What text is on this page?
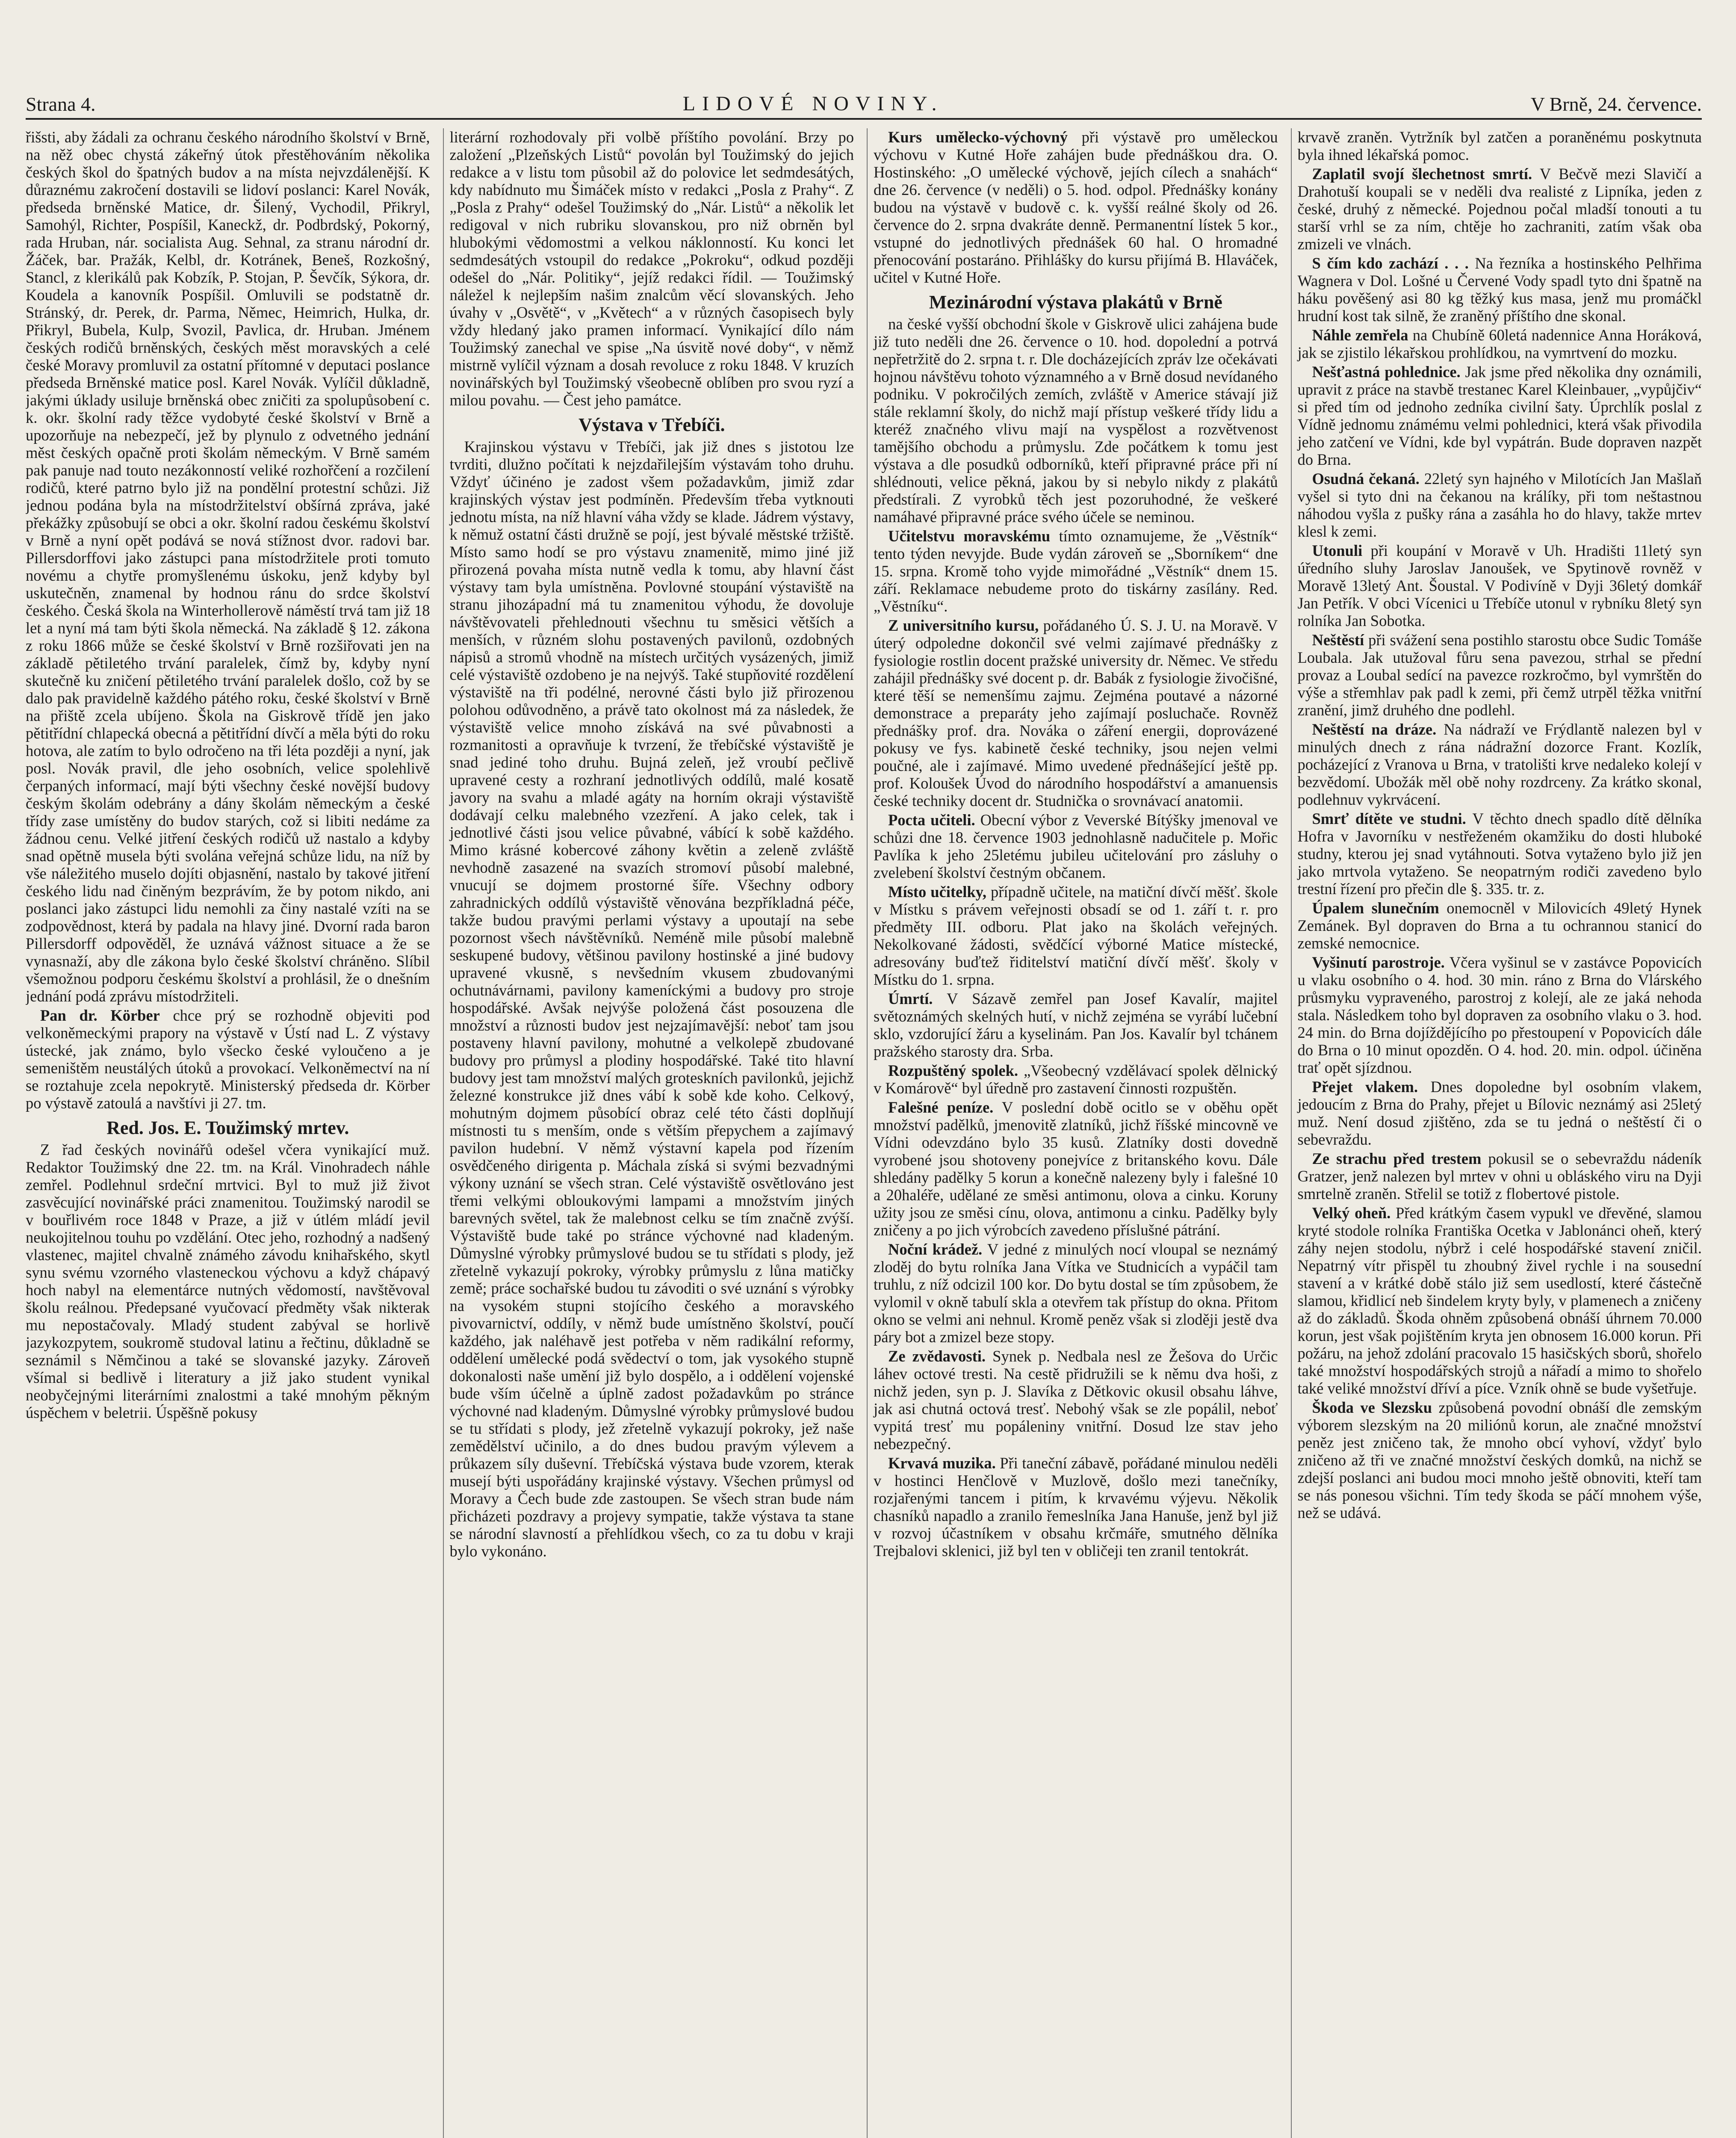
Strana 4.	LIDOVÉ NOVINY.	V Brně, 24. července.

řišsti, aby žádali za ochranu českého národního školství v Brně, na něž obec chystá zákeřný útok přestěhováním několika českých škol do špatných budov a na místa nejvzdálenější. K důraznému zakročení dostavili se lidoví poslanci: Karel Novák, předseda brněnské Matice, dr. Šilený, Vychodil, Přikryl, Samohýl, Richter, Pospíšil, Kaneckž, dr. Podbrdský, Pokorný, rada Hruban, nár. socialista Aug. Sehnal, za stranu národní dr. Žáček, bar. Pražák, Kelbl, dr. Kotránek, Beneš, Rozkošný, Stancl, z klerikálů pak Kobzík, P. Stojan, P. Ševčík, Sýkora, dr. Koudela a kanovník Pospíšil. Omluvili se podstatně dr. Stránský, dr. Perek, dr. Parma, Němec, Heimrich, Hulka, dr. Přikryl, Bubela, Kulp, Svozil, Pavlica, dr. Hruban. Jménem českých rodičů brněnských, českých měst moravských a celé české Moravy promluvil za ostatní přítomné v deputaci poslance předseda Brněnské matice posl. Karel Novák. Vylíčil důkladně, jakými úklady usiluje brněnská obec zničiti za spolupůsobení c. k. okr. školní rady těžce vydobyté české školství v Brně a upozorňuje na nebezpečí, jež by plynulo z odvetného jednání měst českých opačně proti školám německým. V Brně samém pak panuje nad touto nezákonností veliké rozhořčení a rozčilení rodičů, které patrno bylo již na pondělní protestní schůzi. Již jednou podána byla na místodržitelství obšírná zpráva, jaké překážky způsobují se obci a okr. školní radou českému školství v Brně a nyní opět podává se nová stížnost dvor. radovi bar. Pillersdorffovi jako zástupci pana místodržitele proti tomuto novému a chytře promyšlenému úskoku, jenž kdyby byl uskutečněn, znamenal by hodnou ránu do srdce školství českého. Česká škola na Winterhollerově náměstí trvá tam již 18 let a nyní má tam býti škola německá. Na základě § 12. zákona z roku 1866 může se české školství v Brně rozšiřovati jen na základě pětiletého trvání paralelek, čímž by, kdyby nyní skutečně ku zničení pětiletého trvání paralelek došlo, což by se dalo pak pravidelně každého pátého roku, české školství v Brně na přiště zcela ubíjeno. Škola na Giskrově třídě jen jako pětitřídní chlapecká obecná a pětitřídní dívčí a měla býti do roku hotova, ale zatím to bylo odročeno na tři léta později a nyní, jak posl. Novák pravil, dle jeho osobních, velice spolehlivě čerpaných informací, mají býti všechny české novější budovy českým školám odebrány a dány školám německým a české třídy zase umístěny do budov starých, což si libiti nedáme za žádnou cenu. Velké jitření českých rodičů už nastalo a kdyby snad opětně musela býti svolána veřejná schůze lidu, na níž by vše náležitého muselo dojíti objasnění, nastalo by takové jitření českého lidu nad činěným bezprávím, že by potom nikdo, ani poslanci jako zástupci lidu nemohli za činy nastalé vzíti na se zodpovědnost, která by padala na hlavy jiné. Dvorní rada baron Pillersdorff odpověděl, že uznává vážnost situace a že se vynasnaží, aby dle zákona bylo české školství chráněno. Slíbil všemožnou podporu českému školství a prohlásil, že o dnešním jednání podá zprávu místodržiteli.

Pan dr. Körber chce prý se rozhodně objeviti pod velkoněmeckými prapory na výstavě v Ústí nad L. Z výstavy ústecké, jak známo, bylo všecko české vyloučeno a je semeništěm neustálých útoků a provokací. Velkoněmectví na ní se roztahuje zcela nepokrytě. Ministerský předseda dr. Körber po výstavě zatoulá a navštívi ji 27. tm.

Red. Jos. E. Toužimský mrtev.

Z řad českých novinářů odešel včera vynikající muž. Redaktor Toužimský dne 22. tm. na Král. Vinohradech náhle zemřel. Podlehnul srdeční mrtvici. Byl to muž již život zasvěcující novinářské práci znamenitou. Toužimský narodil se v bouřlivém roce 1848 v Praze, a již v útlém mládí jevil neukojitelnou touhu po vzdělání. Otec jeho, rozhodný a nadšený vlastenec, majitel chvalně známého závodu knihařského, skytl synu svému vzorného vlasteneckou výchovu a když chápavý hoch nabyl na elementárce nutných vědomostí, navštěvoval školu reálnou. Předepsané vyučovací předměty však nikterak mu nepostačovaly. Mladý student zabýval se horlivě jazykozpytem, soukromě studoval latinu a řečtinu, důkladně se seznámil s Němčinou a také se slovanské jazyky. Zároveň všímal si bedlivě i literatury a již jako student vynikal neobyčejnými literárními znalostmi a také mnohým pěkným úspěchem v beletrii. Úspěšně pokusy

literární rozhodovaly při volbě příštího povolání. Brzy po založení „Plzeňských Listů“ povolán byl Toužimský do jejich redakce a v listu tom působil až do polovice let sedmdesátých, kdy nabídnuto mu Šimáček místo v redakci „Posla z Prahy“. Z „Posla z Prahy“ odešel Toužimský do „Nár. Listů“ a několik let redigoval v nich rubriku slovanskou, pro niž obrněn byl hlubokými vědomostmi a velkou náklonností. Ku konci let sedmdesátých vstoupil do redakce „Pokroku“, odkud později odešel do „Nár. Politiky“, jejíž redakci řídil. — Toužimský náležel k nejlepším našim znalcům věcí slovanských. Jeho úvahy v „Osvětě“, v „Květech“ a v různých časopisech byly vždy hledaný jako pramen informací. Vynikající dílo nám Toužimský zanechal ve spise „Na úsvitě nové doby“, v němž mistrně vylíčil význam a dosah revoluce z roku 1848. V kruzích novinářských byl Toužimský všeobecně oblíben pro svou ryzí a milou povahu. — Čest jeho památce.

Výstava v Třebíči.

Krajinskou výstavu v Třebíči, jak již dnes s jistotou lze tvrditi, dlužno počítati k nejzdařilejším výstavám toho druhu. Vždyť účinéno je zadost všem požadavkům, jimiž zdar krajinských výstav jest podmíněn. Především třeba vytknouti jednotu místa, na níž hlavní váha vždy se klade. Jádrem výstavy, k němuž ostatní části družně se pojí, jest bývalé městské tržiště. Místo samo hodí se pro výstavu znamenitě, mimo jiné již přirozená povaha místa nutně vedla k tomu, aby hlavní část výstavy tam byla umístněna. Povlovné stoupání výstaviště na stranu jihozápadní má tu znamenitou výhodu, že dovoluje návštěvovateli přehlednouti všechnu tu směsici větších a menších, v různém slohu postavených pavilonů, ozdobných nápisů a stromů vhodně na místech určitých vysázených, jimiž celé výstaviště ozdobeno je na nejvýš. Také stupňovité rozdělení výstaviště na tři podélné, nerovné části bylo již přirozenou polohou odůvodněno, a právě tato okolnost má za následek, že výstaviště velice mnoho získává na své půvabnosti a rozmanitosti a opravňuje k tvrzení, že třebíčské výstaviště je snad jediné toho druhu. Bujná zeleň, jež vroubí pečlivě upravené cesty a rozhraní jednotlivých oddílů, malé kosatě javory na svahu a mladé agáty na horním okraji výstaviště dodávají celku malebného vzezření. A jako celek, tak i jednotlivé části jsou velice půvabné, vábící k sobě každého. Mimo krásné kobercové záhony květin a zeleně zvláště nevhodně zasazené na svazích stromoví působí malebné, vnucují se dojmem prostorné šíře. Všechny odbory zahradnických oddílů výstaviště věnována bezpříkladná péče, takže budou pravými perlami výstavy a upoutají na sebe pozornost všech návštěvníků. Neméně mile působí malebně seskupené budovy, většinou pavilony hostinské a jiné budovy upravené vkusně, s nevšedním vkusem zbudovanými ochutnávárnami, pavilony kameníckými a budovy pro stroje hospodářské. Avšak nejvýše položená část posouzena dle množství a různosti budov jest nejzajímavější: neboť tam jsou postaveny hlavní pavilony, mohutné a velkolepě zbudované budovy pro průmysl a plodiny hospodářské. Také tito hlavní budovy jest tam množství malých groteskních pavilonků, jejichž železné konstrukce již dnes vábí k sobě kde koho. Celkový, mohutným dojmem působící obraz celé této části doplňují místnosti tu s menším, onde s větším přepychem a zajímavý pavilon hudební. V němž výstavní kapela pod řízením osvědčeného dirigenta p. Máchala získá si svými bezvadnými výkony uznání se všech stran. Celé výstaviště osvětlováno jest třemi velkými obloukovými lampami a množstvím jiných barevných světel, tak že malebnost celku se tím značně zvýší. Výstaviště bude také po stránce výchovné nad kladeným. Důmyslné výrobky průmyslové budou se tu střídati s plody, jež zřetelně vykazují pokroky, výrobky průmyslu z lůna matičky země; práce sochařské budou tu závoditi o své uznání s výrobky na vysokém stupni stojícího českého a moravského pivovarnictví, oddíly, v němž bude umístněno školství, poučí každého, jak naléhavě jest potřeba v něm radikální reformy, oddělení umělecké podá svědectví o tom, jak vysokého stupně dokonalosti naše umění již bylo dospělo, a i oddělení vojenské bude vším účelně a úplně zadost požadavkům po stránce výchovné nad kladeným. Důmyslné výrobky průmyslové budou se tu střídati s plody, jež zřetelně vykazují pokroky, jež naše zemědělství učinilo, a do dnes budou pravým výlevem a průkazem síly duševní. Třebíčská výstava bude vzorem, kterak musejí býti uspořádány krajinské výstavy. Všechen průmysl od Moravy a Čech bude zde zastoupen. Se všech stran bude nám přicházeti pozdravy a projevy sympatie, takže výstava ta stane se národní slavností a přehlídkou všech, co za tu dobu v kraji bylo vykonáno.

Kurs umělecko-výchovný při výstavě pro uměleckou výchovu v Kutné Hoře zahájen bude přednáškou dra. O. Hostinského: „O umělecké výchově, jejích cílech a snahách“ dne 26. července (v neděli) o 5. hod. odpol. Přednášky konány budou na výstavě v budově c. k. vyšší reálné školy od 26. července do 2. srpna dvakráte denně. Permanentní lístek 5 kor., vstupné do jednotlivých přednášek 60 hal. O hromadné přenocování postaráno. Přihlášky do kursu přijímá B. Hlaváček, učitel v Kutné Hoře.

Mezinárodní výstava plakátů v Brně

na české vyšší obchodní škole v Giskrově ulici zahájena bude již tuto neděli dne 26. července o 10. hod. dopolední a potrvá nepřetržitě do 2. srpna t. r. Dle docházejících zpráv lze očekávati hojnou návštěvu tohoto významného a v Brně dosud nevídaného podniku. V pokročilých zemích, zvláště v Americe stávají již stále reklamní školy, do nichž mají přístup veškeré třídy lidu a kteréž značného vlivu mají na vyspělost a rozvětvenost tamějšího obchodu a průmyslu. Zde počátkem k tomu jest výstava a dle posudků odborníků, kteří připravné práce při ní shlédnouti, velice pěkná, jakou by si nebylo nikdy z plakátů předstírali. Z vyrobků těch jest pozoruhodné, že veškeré namáhavé připravné práce svého účele se neminou.

Učitelstvu moravskému tímto oznamujeme, že „Věstník“ tento týden nevyjde. Bude vydán zároveň se „Sborníkem“ dne 15. srpna. Kromě toho vyjde mimořádné „Věstník“ dnem 15. září. Reklamace nebudeme proto do tiskárny zasílány. Red. „Věstníku“.

Z universitního kursu, pořádaného Ú. S. J. U. na Moravě. V úterý odpoledne dokončil své velmi zajímavé přednášky z fysiologie rostlin docent pražské university dr. Němec. Ve středu zahájil přednášky své docent p. dr. Babák z fysiologie živočišné, které těší se nemenšímu zajmu. Zejména poutavé a názorné demonstrace a preparáty jeho zajímají posluchače. Rovněž přednášky prof. dra. Nováka o záření energii, doprovázené pokusy ve fys. kabinetě české techniky, jsou nejen velmi poučné, ale i zajímavé. Mimo uvedené přednášející ještě pp. prof. Koloušek Úvod do národního hospodářství a amanuensis české techniky docent dr. Studnička o srovnávací anatomii.

Pocta učiteli. Obecní výbor z Veverské Bítýšky jmenoval ve schůzi dne 18. července 1903 jednohlasně nadučitele p. Mořic Pavlíka k jeho 25letému jubileu učitelování pro zásluhy o zvelebení školství čestným občanem.

Místo učitelky, případně učitele, na matiční dívčí měšť. škole v Místku s právem veřejnosti obsadí se od 1. září t. r. pro předměty III. odboru. Plat jako na školách veřejných. Nekolkované žádosti, svědčící výborné Matice místecké, adresovány buďtež řiditelství matiční dívčí měšť. školy v Místku do 1. srpna.

Úmrtí. V Sázavě zemřel pan Josef Kavalír, majitel světoznámých skelných hutí, v nichž zejména se vyrábí lučební sklo, vzdorující žáru a kyselinám. Pan Jos. Kavalír byl tchánem pražského starosty dra. Srba.

Rozpuštěný spolek. „Všeobecný vzdělávací spolek dělnický v Komárově“ byl úředně pro zastavení činnosti rozpuštěn.

Falešné peníze. V poslední době ocitlo se v oběhu opět množství padělků, jmenovitě zlatníků, jichž říšské mincovně ve Vídni odevzdáno bylo 35 kusů. Zlatníky dosti dovedně vyrobené jsou shotoveny ponejvíce z britanského kovu. Dále shledány padělky 5 korun a konečně nalezeny byly i falešné 10 a 20haléře, udělané ze směsi antimonu, olova a cinku. Koruny užity jsou ze směsi cínu, olova, antimonu a cinku. Padělky byly zničeny a po jich výrobcích zavedeno příslušné pátrání.

Noční krádež. V jedné z minulých nocí vloupal se neznámý zloděj do bytu rolníka Jana Vítka ve Studnicích a vypáčil tam truhlu, z níž odcizil 100 kor. Do bytu dostal se tím způsobem, že vylomil v okně tabulí skla a otevřem tak přístup do okna. Přitom okno se velmi ani nehnul. Kromě peněz však si zloději jestě dva páry bot a zmizel beze stopy.

Ze zvědavosti. Synek p. Nedbala nesl ze Žešova do Určic láhev octové tresti. Na cestě přidružili se k němu dva hoši, z nichž jeden, syn p. J. Slavíka z Dětkovic okusil obsahu láhve, jak asi chutná octová tresť. Nebohý však se zle popálil, neboť vypitá tresť mu popáleniny vnitřní. Dosud lze stav jeho nebezpečný.

Krvavá muzika. Při taneční zábavě, pořádané minulou neděli v hostinci Henčlově v Muzlově, došlo mezi tanečníky, rozjařenými tancem i pitím, k krvavému výjevu. Několik chasníků napadlo a zranilo řemeslníka Jana Hanuše, jenž byl již v rozvoj účastníkem v obsahu krčmáře, smutného dělníka Trejbalovi sklenici, již byl ten v obličeji ten zranil tentokrát.

krvavě zraněn. Vytržník byl zatčen a poraněnému poskytnuta byla ihned lékařská pomoc.

Zaplatil svojí šlechetnost smrtí. V Bečvě mezi Slavičí a Drahotuší koupali se v neděli dva realisté z Lipníka, jeden z české, druhý z německé. Pojednou počal mladší tonouti a tu starší vrhl se za ním, chtěje ho zachraniti, zatím však oba zmizeli ve vlnách.

S čím kdo zachází . . . Na řezníka a hostinského Pelhřima Wagnera v Dol. Lošné u Červené Vody spadl tyto dni špatně na háku pověšený asi 80 kg těžký kus masa, jenž mu promáčkl hrudní kost tak silně, že zraněný příštího dne skonal.

Náhle zemřela na Chubíně 60letá nadennice Anna Horáková, jak se zjistilo lékařskou prohlídkou, na vymrtvení do mozku.

Nešťastná pohlednice. Jak jsme před několika dny oznámili, upravit z práce na stavbě trestanec Karel Kleinbauer, „vypůjčiv“ si před tím od jednoho zedníka civilní šaty. Úprchlík poslal z Vídně jednomu známému velmi pohlednici, která však přivodila jeho zatčení ve Vídni, kde byl vypátrán. Bude dopraven nazpět do Brna.

Osudná čekaná. 22letý syn hajného v Milotících Jan Mašlaň vyšel si tyto dni na čekanou na králíky, při tom neštastnou náhodou vyšla z pušky rána a zasáhla ho do hlavy, takže mrtev klesl k zemi.

Utonuli při koupání v Moravě v Uh. Hradišti 11letý syn úředního sluhy Jaroslav Janoušek, ve Spytinově rovněž v Moravě 13letý Ant. Šoustal. V Podivíně v Dyji 36letý domkář Jan Petřík. V obci Vícenici u Třebíče utonul v rybníku 8letý syn rolníka Jan Sobotka.

Neštěstí při svážení sena postihlo starostu obce Sudic Tomáše Loubala. Jak utužoval fůru sena pavezou, strhal se přední provaz a Loubal sedící na pavezce rozkročmo, byl vymrštěn do výše a střemhlav pak padl k zemi, při čemž utrpěl těžka vnitřní zranění, jimž druhého dne podlehl.

Neštěstí na dráze. Na nádraží ve Frýdlantě nalezen byl v minulých dnech z rána nádražní dozorce Frant. Kozlík, pocházející z Vranova u Brna, v tratolišti krve nedaleko kolejí v bezvědomí. Ubožák měl obě nohy rozdrceny. Za krátko skonal, podlehnuv vykrvácení.

Smrť dítěte ve studni. V těchto dnech spadlo dítě dělníka Hofra v Javorníku v nestřeženém okamžiku do dosti hluboké studny, kterou jej snad vytáhnouti. Sotva vytaženo bylo již jen jako mrtvola vytaženo. Se neopatrným rodiči zavedeno bylo trestní řízení pro přečin dle §. 335. tr. z.

Úpalem slunečním onemocněl v Milovicích 49letý Hynek Zemánek. Byl dopraven do Brna a tu ochrannou stanicí do zemské nemocnice.

Vyšinutí parostroje. Včera vyšinul se v zastávce Popovicích u vlaku osobního o 4. hod. 30 min. ráno z Brna do Vlárského průsmyku vypraveného, parostroj z kolejí, ale ze jaká nehoda stala. Následkem toho byl dopraven za osobního vlaku o 3. hod. 24 min. do Brna dojíždějícího po přestoupení v Popovicích dále do Brna o 10 minut opozděn. O 4. hod. 20. min. odpol. účiněna trať opět sjízdnou.

Přejet vlakem. Dnes dopoledne byl osobním vlakem, jedoucím z Brna do Prahy, přejet u Bílovic neznámý asi 25letý muž. Není dosud zjištěno, zda se tu jedná o neštěstí či o sebevraždu.

Ze strachu před trestem pokusil se o sebevraždu nádeník Gratzer, jenž nalezen byl mrtev v ohni u obláského viru na Dyji smrtelně zraněn. Střelil se totiž z flobertové pistole.

Velký oheň. Před krátkým časem vypukl ve dřevěné, slamou kryté stodole rolníka Františka Ocetka v Jablonánci oheň, který záhy nejen stodolu, nýbrž i celé hospodářské stavení zničil. Nepatrný vítr přispěl tu zhoubný živel rychle i na sousední stavení a v krátké době stálo již sem usedlostí, které částečně slamou, křidlicí neb šindelem kryty byly, v plamenech a zničeny až do základů. Škoda ohněm způsobená obnáší úhrnem 70.000 korun, jest však pojištěním kryta jen obnosem 16.000 korun. Při požáru, na jehož zdolání pracovalo 15 hasičských sborů, shořelo také množství hospodářských strojů a nářadí a mimo to shořelo také veliké množství dříví a píce. Vzník ohně se bude vyšetřuje.

Škoda ve Slezsku způsobená povodní obnáší dle zemským výborem slezským na 20 miliónů korun, ale značné množství peněz jest zničeno tak, že mnoho obcí vyhoví, vždyť bylo zničeno až tři ve značné množství českých domků, na nichž se zdejší poslanci ani budou moci mnoho ještě obnoviti, kteří tam se nás ponesou všichni. Tím tedy škoda se páčí mnohem výše, než se udává.
